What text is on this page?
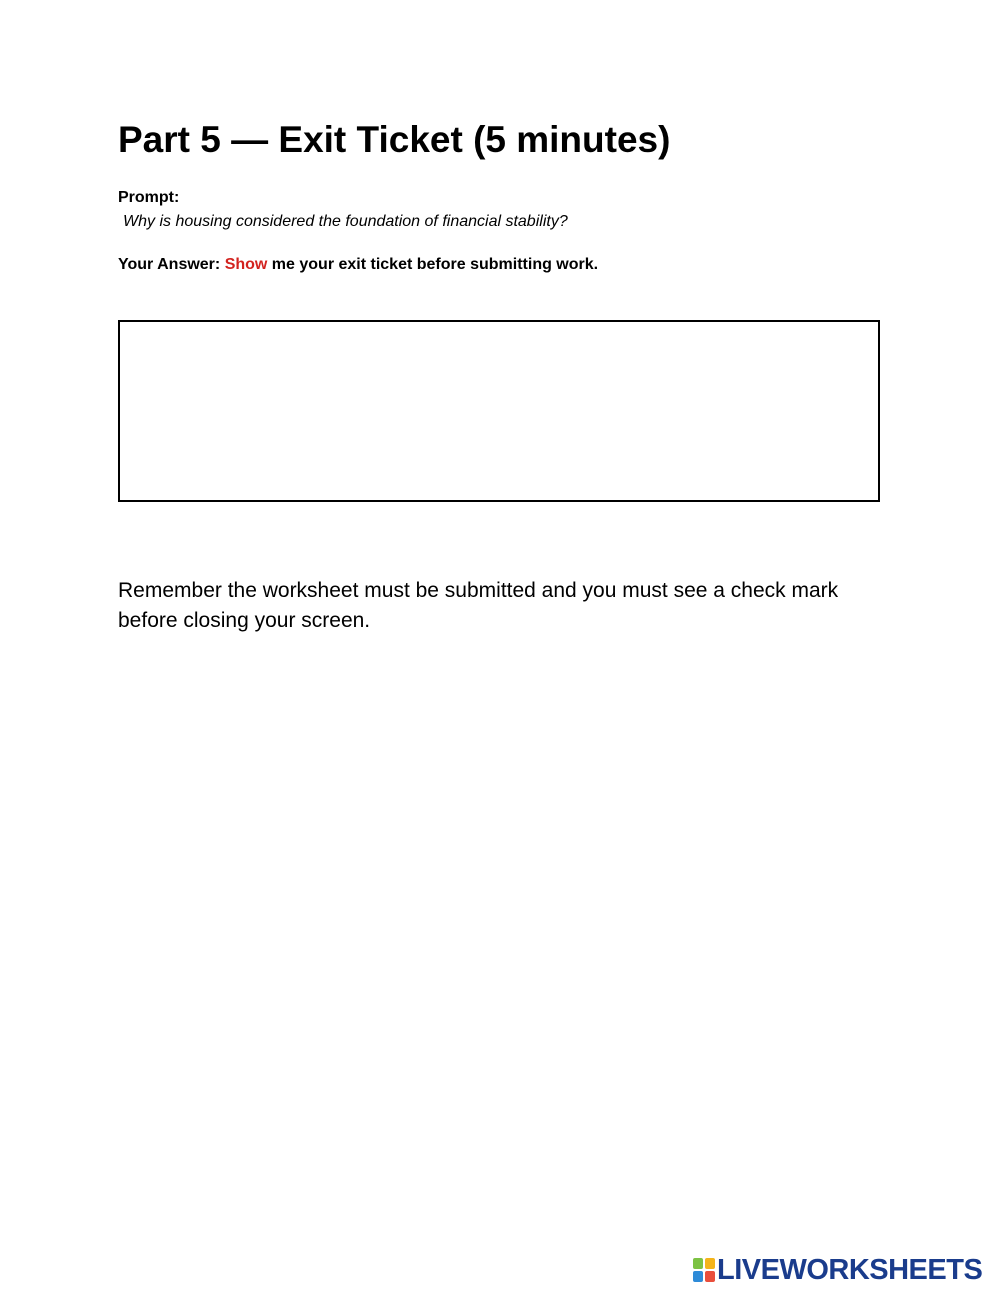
Part 5 — Exit Ticket (5 minutes)
Prompt:
Why is housing considered the foundation of financial stability?
Your Answer: Show me your exit ticket before submitting work.
Remember the worksheet must be submitted and you must see a check mark before closing your screen.
LIVEWORKSHEETS
